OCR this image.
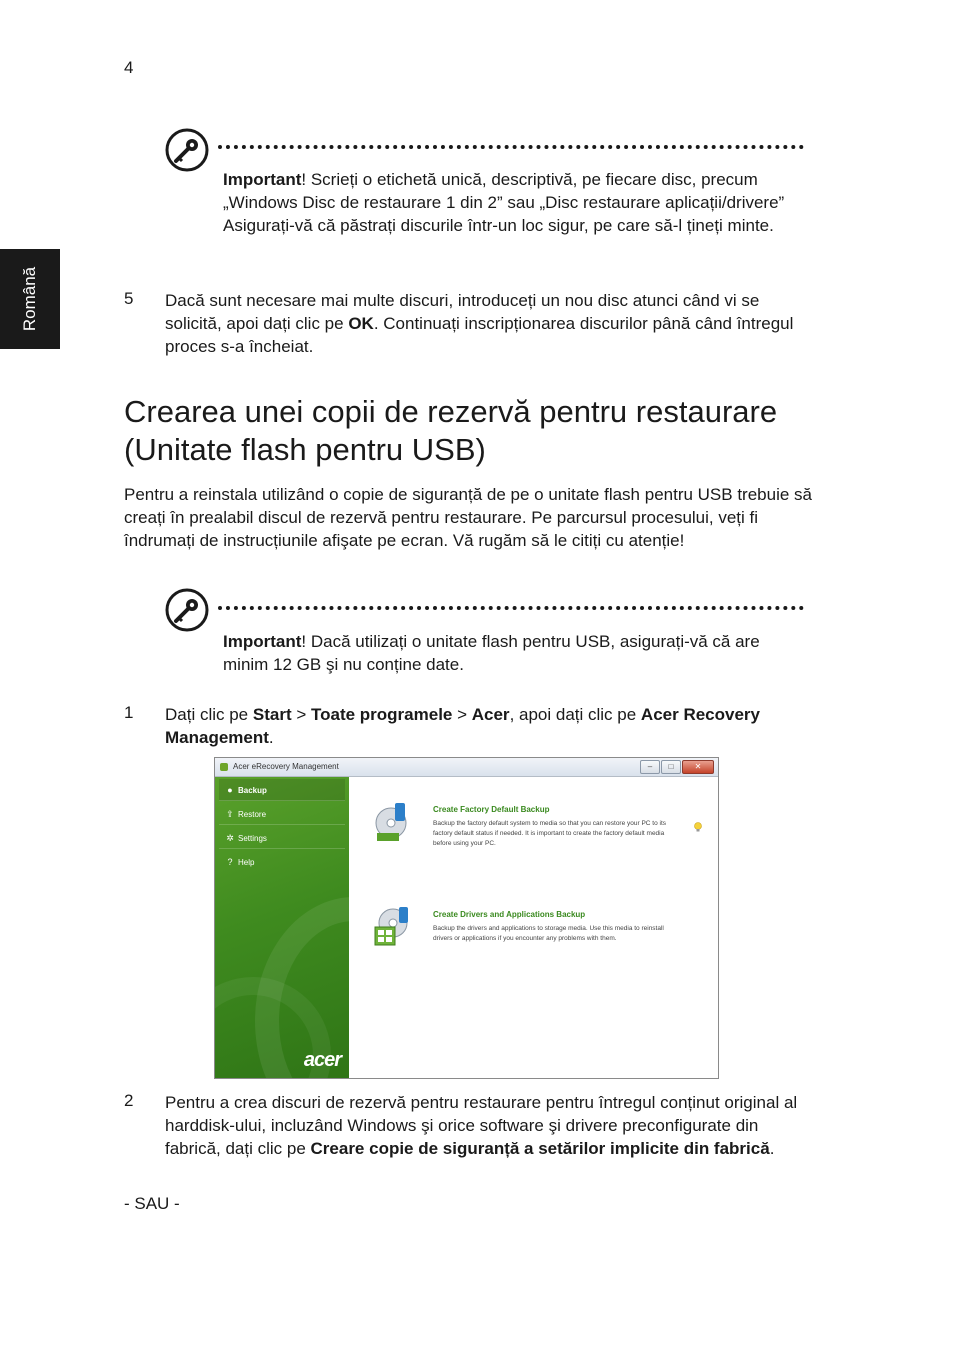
4
Română
Important! Scrieți o etichetă unică, descriptivă, pe fiecare disc, precum „Windows Disc de restaurare 1 din 2” sau „Disc restaurare aplicații/drivere” Asigurați-vă că păstrați discurile într-un loc sigur, pe care să-l țineți minte.
5 Dacă sunt necesare mai multe discuri, introduceți un nou disc atunci când vi se solicită, apoi dați clic pe OK. Continuați inscripționarea discurilor până când întregul proces s-a încheiat.
Crearea unei copii de rezervă pentru restaurare (Unitate flash pentru USB)
Pentru a reinstala utilizând o copie de siguranță de pe o unitate flash pentru USB trebuie să creați în prealabil discul de rezervă pentru restaurare. Pe parcursul procesului, veți fi îndrumați de instrucțiunile afişate pe ecran. Vă rugăm să le citiți cu atenție!
Important! Dacă utilizați o unitate flash pentru USB, asigurați-vă că are minim 12 GB şi nu conține date.
1 Dați clic pe Start > Toate programele > Acer, apoi dați clic pe Acer Recovery Management.
Acer eRecovery Management	–	□	✕
● Backup
⇪ Restore
✲ Settings
? Help
acer
Create Factory Default Backup
Backup the factory default system to media so that you can restore your PC to its factory default status if needed. It is important to create the factory default media before using your PC.
Create Drivers and Applications Backup
Backup the drivers and applications to storage media. Use this media to reinstall drivers or applications if you encounter any problems with them.
2 Pentru a crea discuri de rezervă pentru restaurare pentru întregul conținut original al harddisk-ului, incluzând Windows şi orice software şi drivere preconfigurate din fabrică, dați clic pe Creare copie de siguranță a setărilor implicite din fabrică.
- SAU -
